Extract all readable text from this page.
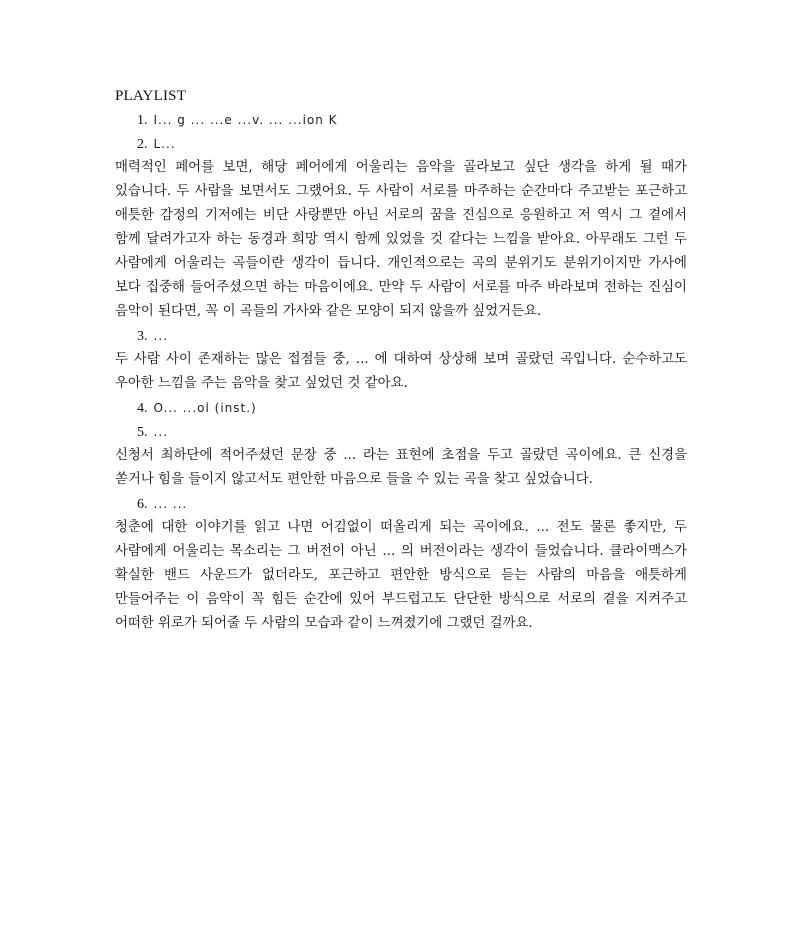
PLAYLIST
1. I... g ... ...e ...v. ... ...ion K
2. L...

매력적인 페어를 보면, 해당 페어에게 어울리는 음악을 골라보고 싶단 생각을 하게 될 때가 있습니다. 두 사람을 보면서도 그랬어요. 두 사람이 서로를 마주하는 순간마다 주고받는 포근하고 애틋한 감정의 기저에는 비단 사랑뿐만 아닌 서로의 꿈을 진심으로 응원하고 저 역시 그 곁에서 함께 달려가고자 하는 동경과 희망 역시 함께 있었을 것 같다는 느낌을 받아요. 아무래도 그런 두 사람에게 어울리는 곡들이란 생각이 듭니다. 개인적으로는 곡의 분위기도 분위기이지만 가사에 보다 집중해 들어주셨으면 하는 마음이에요. 만약 두 사람이 서로를 마주 바라보며 전하는 진심이 음악이 된다면, 꼭 이 곡들의 가사와 같은 모양이 되지 않을까 싶었거든요.

3. ...

두 사람 사이 존재하는 많은 접점들 중, ... 에 대하여 상상해 보며 골랐던 곡입니다. 순수하고도 우아한 느낌을 주는 음악을 찾고 싶었던 것 같아요.

4. O... ...ol (inst.)
5. ...

신청서 최하단에 적어주셨던 문장 중 ... 라는 표현에 초점을 두고 골랐던 곡이에요. 큰 신경을 쏟거나 힘을 들이지 않고서도 편안한 마음으로 들을 수 있는 곡을 찾고 싶었습니다.

6. ... ...

청춘에 대한 이야기를 읽고 나면 어김없이 떠올리게 되는 곡이에요. ... 전도 물론 좋지만, 두 사람에게 어울리는 목소리는 그 버전이 아닌 ... 의 버전이라는 생각이 들었습니다. 클라이맥스가 확실한 밴드 사운드가 없더라도, 포근하고 편안한 방식으로 듣는 사람의 마음을 애틋하게 만들어주는 이 음악이 꼭 힘든 순간에 있어 부드럽고도 단단한 방식으로 서로의 곁을 지켜주고 어떠한 위로가 되어줄 두 사람의 모습과 같이 느껴졌기에 그랬던 걸까요.
